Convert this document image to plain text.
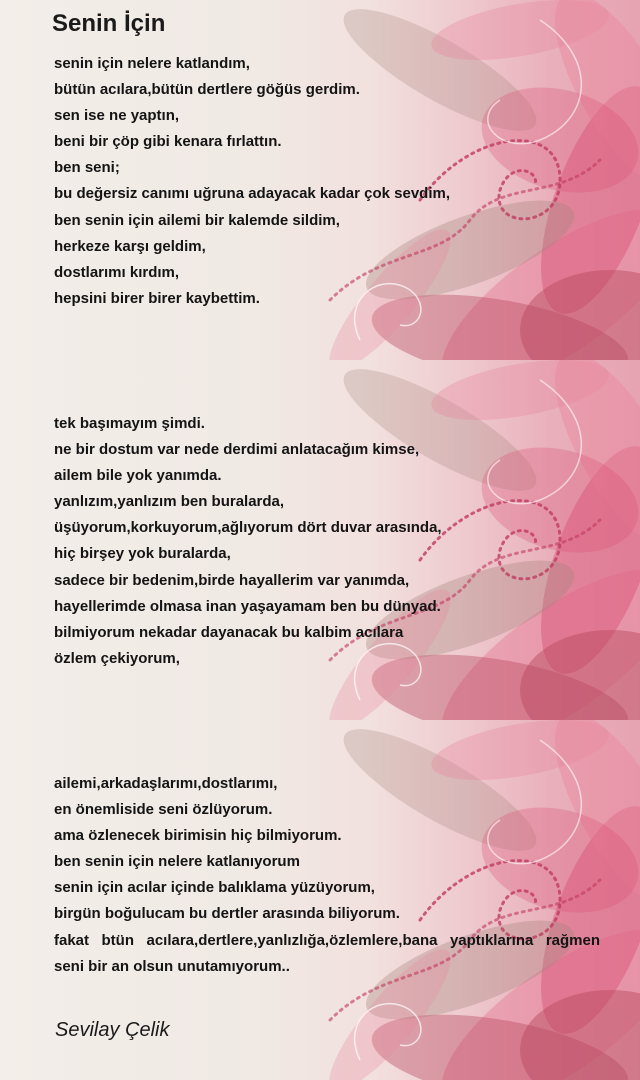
Senin İçin
senin için nelere katlandım,
bütün acılara,bütün dertlere göğüs gerdim.
sen ise ne yaptın,
beni bir çöp gibi kenara fırlattın.
ben seni;
bu değersiz canımı uğruna adayacak kadar çok sevdim,
ben senin için ailemi bir kalemde sildim,
herkeze karşı geldim,
dostlarımı kırdım,
hepsini birer birer kaybettim.
tek başımayım şimdi.
ne bir dostum var nede derdimi anlatacağım kimse,
ailem bile yok yanımda.
yanlızım,yanlızım ben buralarda,
üşüyorum,korkuyorum,ağlıyorum dört duvar arasında,
hiç birşey yok buralarda,
sadece bir bedenim,birde hayallerim var yanımda,
hayellerimde olmasa inan yaşayamam ben bu dünyad.
bilmiyorum nekadar dayanacak bu kalbim acılara
özlem çekiyorum,
ailemi,arkadaşlarımı,dostlarımı,
en önemliside seni özlüyorum.
ama özlenecek birimisin hiç bilmiyorum.
ben senin için nelere katlanıyorum
senin için acılar içinde balıklama yüzüyorum,
birgün boğulucam bu dertler arasında biliyorum.
fakat btün acılara,dertlere,yanlızlığa,özlemlere,bana yaptıklarına rağmen
seni bir an olsun unutamıyorum..
Sevilay Çelik
